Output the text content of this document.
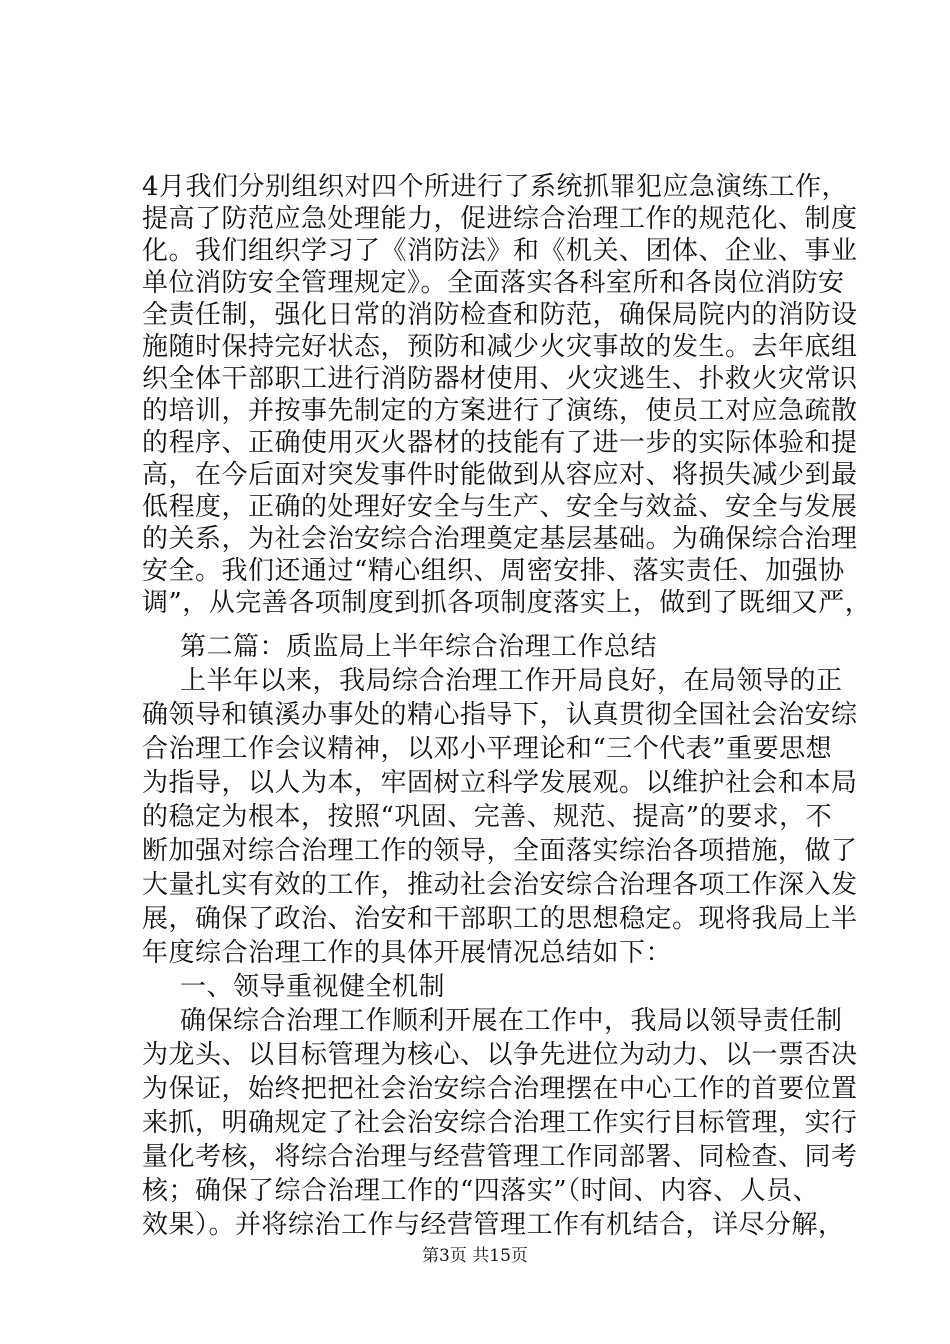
4月我们分别组织对四个所进行了系统抓罪犯应急演练工作，
提高了防范应急处理能力，促进综合治理工作的规范化、制度
化。我们组织学习了《消防法》和《机关、团体、企业、事业
单位消防安全管理规定》。全面落实各科室所和各岗位消防安
全责任制，强化日常的消防检查和防范，确保局院内的消防设
施随时保持完好状态，预防和减少火灾事故的发生。去年底组
织全体干部职工进行消防器材使用、火灾逃生、扑救火灾常识
的培训，并按事先制定的方案进行了演练，使员工对应急疏散
的程序、正确使用灭火器材的技能有了进一步的实际体验和提
高，在今后面对突发事件时能做到从容应对、将损失减少到最
低程度，正确的处理好安全与生产、安全与效益、安全与发展
的关系，为社会治安综合治理奠定基层基础。为确保综合治理
安全。我们还通过“精心组织、周密安排、落实责任、加强协
调”，从完善各项制度到抓各项制度落实上，做到了既细又严，
第二篇：质监局上半年综合治理工作总结
上半年以来，我局综合治理工作开局良好，在局领导的正
确领导和镇溪办事处的精心指导下，认真贯彻全国社会治安综
合治理工作会议精神，以邓小平理论和“三个代表”重要思想
为指导，以人为本，牢固树立科学发展观。以维护社会和本局
的稳定为根本，按照“巩固、完善、规范、提高”的要求，不
断加强对综合治理工作的领导，全面落实综治各项措施，做了
大量扎实有效的工作，推动社会治安综合治理各项工作深入发
展，确保了政治、治安和干部职工的思想稳定。现将我局上半
年度综合治理工作的具体开展情况总结如下：
一、领导重视健全机制
确保综合治理工作顺利开展在工作中，我局以领导责任制
为龙头、以目标管理为核心、以争先进位为动力、以一票否决
为保证，始终把把社会治安综合治理摆在中心工作的首要位置
来抓，明确规定了社会治安综合治理工作实行目标管理，实行
量化考核，将综合治理与经营管理工作同部署、同检查、同考
核；确保了综合治理工作的“四落实”（时间、内容、人员、
第3页 共15页
效果）。并将综治工作与经营管理工作有机结合，详尽分解，
